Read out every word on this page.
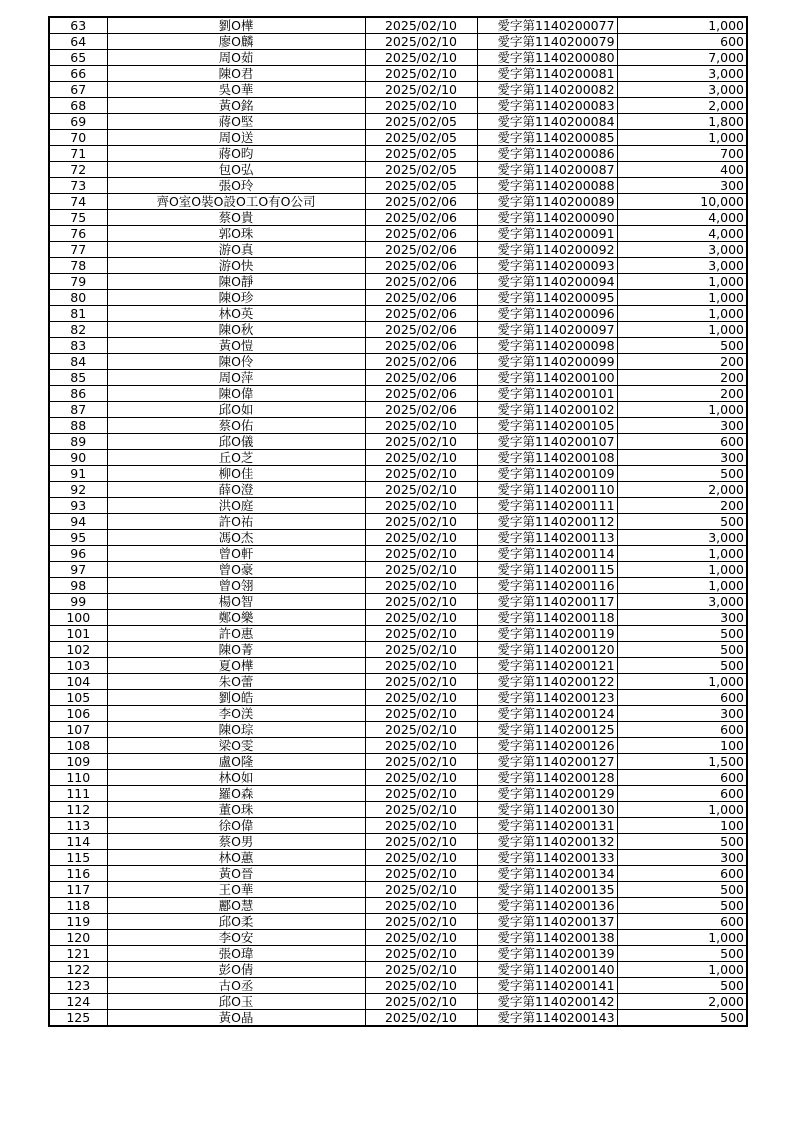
63	劉O樺	2025/02/10	愛字第1140200077	1,000
64	廖O麟	2025/02/10	愛字第1140200079	600
65	周O茹	2025/02/10	愛字第1140200080	7,000
66	陳O君	2025/02/10	愛字第1140200081	3,000
67	吳O華	2025/02/10	愛字第1140200082	3,000
68	黃O銘	2025/02/10	愛字第1140200083	2,000
69	蔣O堅	2025/02/05	愛字第1140200084	1,800
70	周O送	2025/02/05	愛字第1140200085	1,000
71	蔣O昀	2025/02/05	愛字第1140200086	700
72	包O弘	2025/02/05	愛字第1140200087	400
73	張O玲	2025/02/05	愛字第1140200088	300
74	齊O室O裝O設O工O有O公司	2025/02/06	愛字第1140200089	10,000
75	蔡O貴	2025/02/06	愛字第1140200090	4,000
76	郭O珠	2025/02/06	愛字第1140200091	4,000
77	游O真	2025/02/06	愛字第1140200092	3,000
78	游O快	2025/02/06	愛字第1140200093	3,000
79	陳O靜	2025/02/06	愛字第1140200094	1,000
80	陳O珍	2025/02/06	愛字第1140200095	1,000
81	林O英	2025/02/06	愛字第1140200096	1,000
82	陳O秋	2025/02/06	愛字第1140200097	1,000
83	黃O愷	2025/02/06	愛字第1140200098	500
84	陳O伶	2025/02/06	愛字第1140200099	200
85	周O萍	2025/02/06	愛字第1140200100	200
86	陳O偉	2025/02/06	愛字第1140200101	200
87	邱O如	2025/02/06	愛字第1140200102	1,000
88	蔡O佑	2025/02/10	愛字第1140200105	300
89	邱O儀	2025/02/10	愛字第1140200107	600
90	丘O芝	2025/02/10	愛字第1140200108	300
91	柳O佳	2025/02/10	愛字第1140200109	500
92	薛O澄	2025/02/10	愛字第1140200110	2,000
93	洪O庭	2025/02/10	愛字第1140200111	200
94	許O祐	2025/02/10	愛字第1140200112	500
95	馮O杰	2025/02/10	愛字第1140200113	3,000
96	曾O軒	2025/02/10	愛字第1140200114	1,000
97	曾O豪	2025/02/10	愛字第1140200115	1,000
98	曾O翎	2025/02/10	愛字第1140200116	1,000
99	楊O智	2025/02/10	愛字第1140200117	3,000
100	鄭O樂	2025/02/10	愛字第1140200118	300
101	許O惠	2025/02/10	愛字第1140200119	500
102	陳O菁	2025/02/10	愛字第1140200120	500
103	夏O樺	2025/02/10	愛字第1140200121	500
104	朱O蕾	2025/02/10	愛字第1140200122	1,000
105	劉O皓	2025/02/10	愛字第1140200123	600
106	李O渼	2025/02/10	愛字第1140200124	300
107	陳O琮	2025/02/10	愛字第1140200125	600
108	梁O雯	2025/02/10	愛字第1140200126	100
109	盧O隆	2025/02/10	愛字第1140200127	1,500
110	林O如	2025/02/10	愛字第1140200128	600
111	羅O森	2025/02/10	愛字第1140200129	600
112	董O珠	2025/02/10	愛字第1140200130	1,000
113	徐O偉	2025/02/10	愛字第1140200131	100
114	蔡O男	2025/02/10	愛字第1140200132	500
115	林O蕙	2025/02/10	愛字第1140200133	300
116	黃O晉	2025/02/10	愛字第1140200134	600
117	王O華	2025/02/10	愛字第1140200135	500
118	酈O慧	2025/02/10	愛字第1140200136	500
119	邱O柔	2025/02/10	愛字第1140200137	600
120	李O安	2025/02/10	愛字第1140200138	1,000
121	張O瑋	2025/02/10	愛字第1140200139	500
122	彭O倩	2025/02/10	愛字第1140200140	1,000
123	古O丞	2025/02/10	愛字第1140200141	500
124	邱O玉	2025/02/10	愛字第1140200142	2,000
125	黃O晶	2025/02/10	愛字第1140200143	500
